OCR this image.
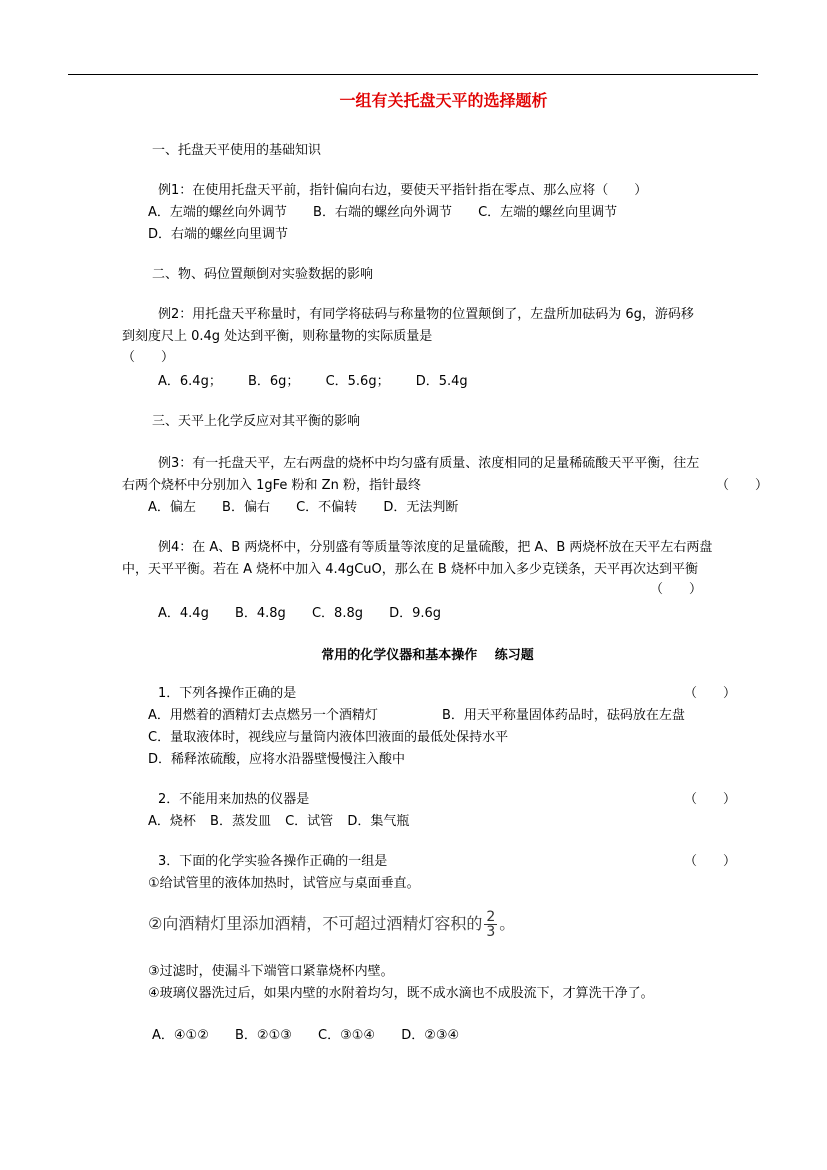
一组有关托盘天平的选择题析
一、托盘天平使用的基础知识
例1：在使用托盘天平前，指针偏向右边，要使天平指针指在零点、那么应将（　　）
A．左端的螺丝向外调节 B．右端的螺丝向外调节 C．左端的螺丝向里调节
D．右端的螺丝向里调节
二、物、码位置颠倒对实验数据的影响
例2：用托盘天平称量时，有同学将砝码与称量物的位置颠倒了，左盘所加砝码为 6g，游码移
到刻度尺上 0.4g 处达到平衡，则称量物的实际质量是
（　　）
A．6.4g； B．6g； C．5.6g； D．5.4g
三、天平上化学反应对其平衡的影响
例3：有一托盘天平，左右两盘的烧杯中均匀盛有质量、浓度相同的足量稀硫酸天平平衡，往左
右两个烧杯中分别加入 1gFe 粉和 Zn 粉，指针最终	（　　）
A．偏左 B．偏右 C．不偏转 D．无法判断
例4：在 A、B 两烧杯中，分别盛有等质量等浓度的足量硫酸，把 A、B 两烧杯放在天平左右两盘
中，天平平衡。若在 A 烧杯中加入 4.4gCuO，那么在 B 烧杯中加入多少克镁条，天平再次达到平衡
（　　）
A．4.4g B．4.8g C．8.8g D．9.6g
常用的化学仪器和基本操作　 练习题
1．下列各操作正确的是	（　　）
A．用燃着的酒精灯去点燃另一个酒精灯	B．用天平称量固体药品时，砝码放在左盘
C．量取液体时，视线应与量筒内液体凹液面的最低处保持水平
D．稀释浓硫酸，应将水沿器壁慢慢注入酸中
2．不能用来加热的仪器是	（　　）
A．烧杯 B．蒸发皿 C．试管 D．集气瓶
3．下面的化学实验各操作正确的一组是	（　　）
①给试管里的液体加热时，试管应与桌面垂直。
②向酒精灯里添加酒精，不可超过酒精灯容积的 $\frac{2}{3}$ 。
③过滤时，使漏斗下端管口紧靠烧杯内壁。
④玻璃仪器洗过后，如果内壁的水附着均匀，既不成水滴也不成股流下，才算洗干净了。
A．④①② B．②①③ C．③①④ D．②③④
